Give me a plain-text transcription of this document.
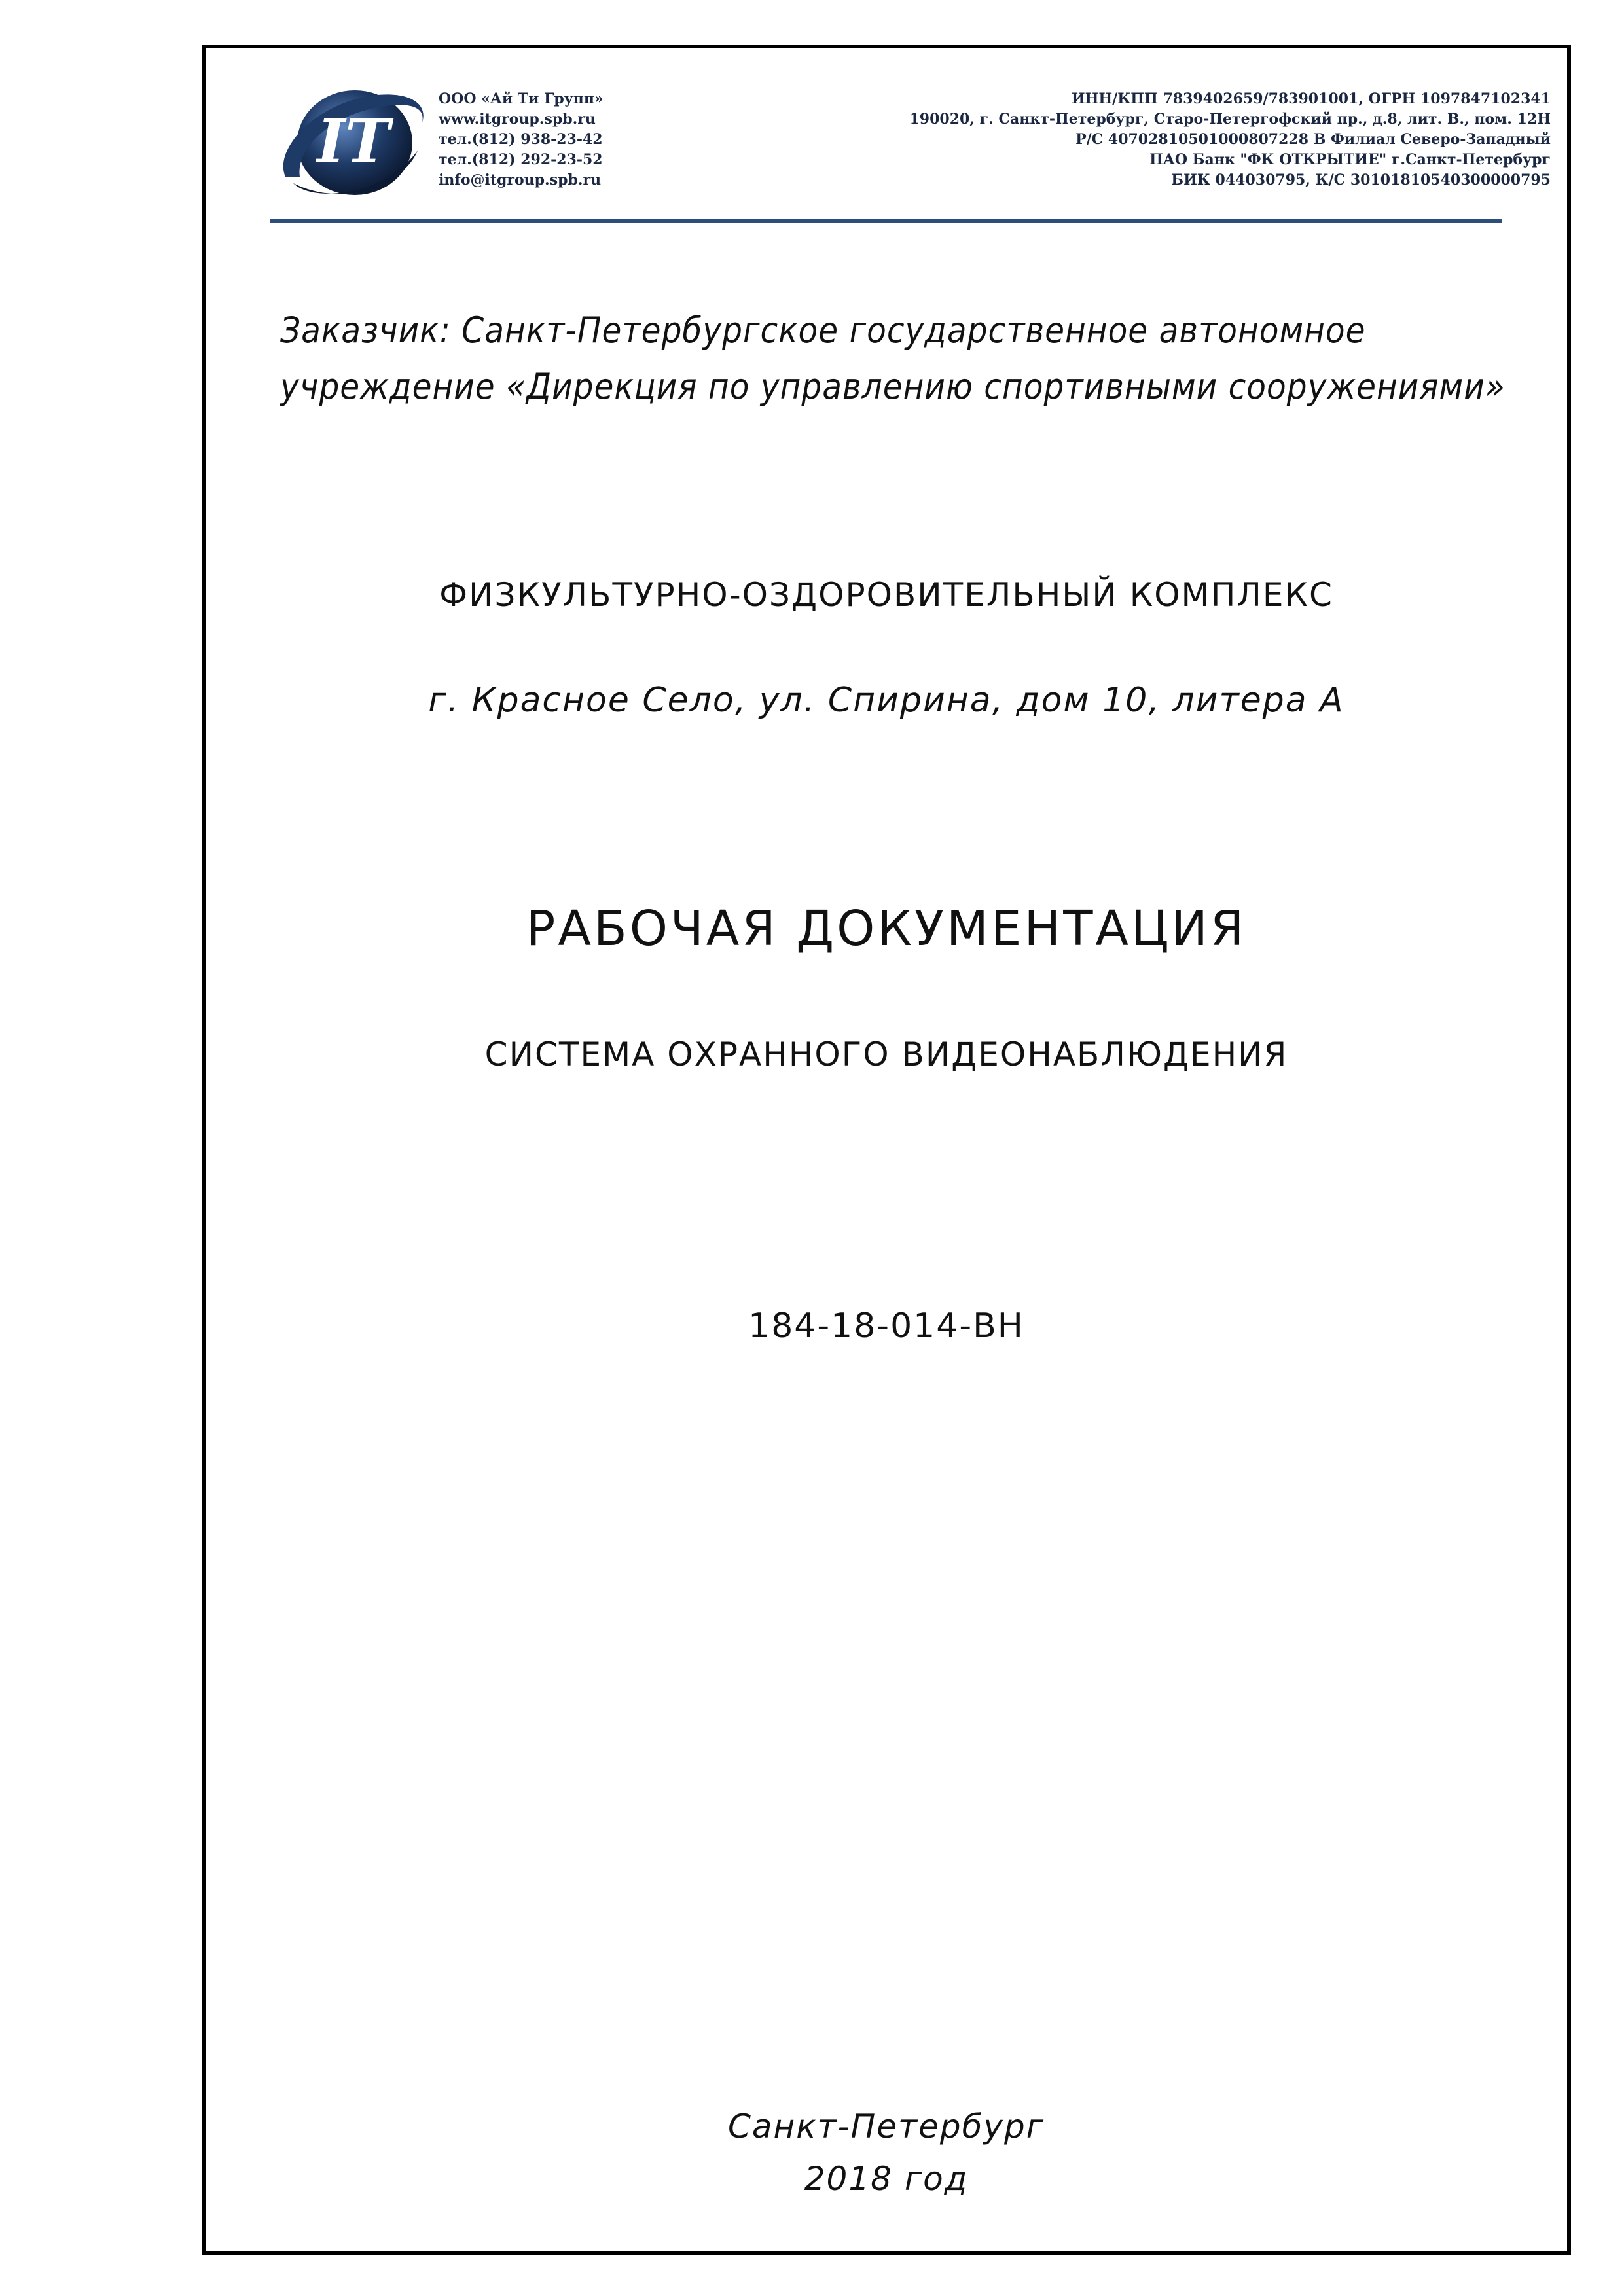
IT
ООО «Ай Ти Групп»
www.itgroup.spb.ru
тел.(812) 938-23-42
тел.(812) 292-23-52
info@itgroup.spb.ru
ИНН/КПП 7839402659/783901001, ОГРН 1097847102341
190020, г. Санкт-Петербург, Старо-Петергофский пр., д.8, лит. В., пом. 12Н
Р/С 40702810501000807228 В Филиал Северо-Западный
ПАО Банк "ФК ОТКРЫТИЕ" г.Санкт-Петербург
БИК 044030795, К/С 30101810540300000795
Заказчик: Санкт-Петербургское государственное автономное
учреждение «Дирекция по управлению спортивными сооружениями»
ФИЗКУЛЬТУРНО-ОЗДОРОВИТЕЛЬНЫЙ КОМПЛЕКС
г. Красное Село, ул. Спирина, дом 10, литера А
РАБОЧАЯ ДОКУМЕНТАЦИЯ
СИСТЕМА ОХРАННОГО ВИДЕОНАБЛЮДЕНИЯ
184-18-014-ВН
Санкт-Петербург
2018 год
